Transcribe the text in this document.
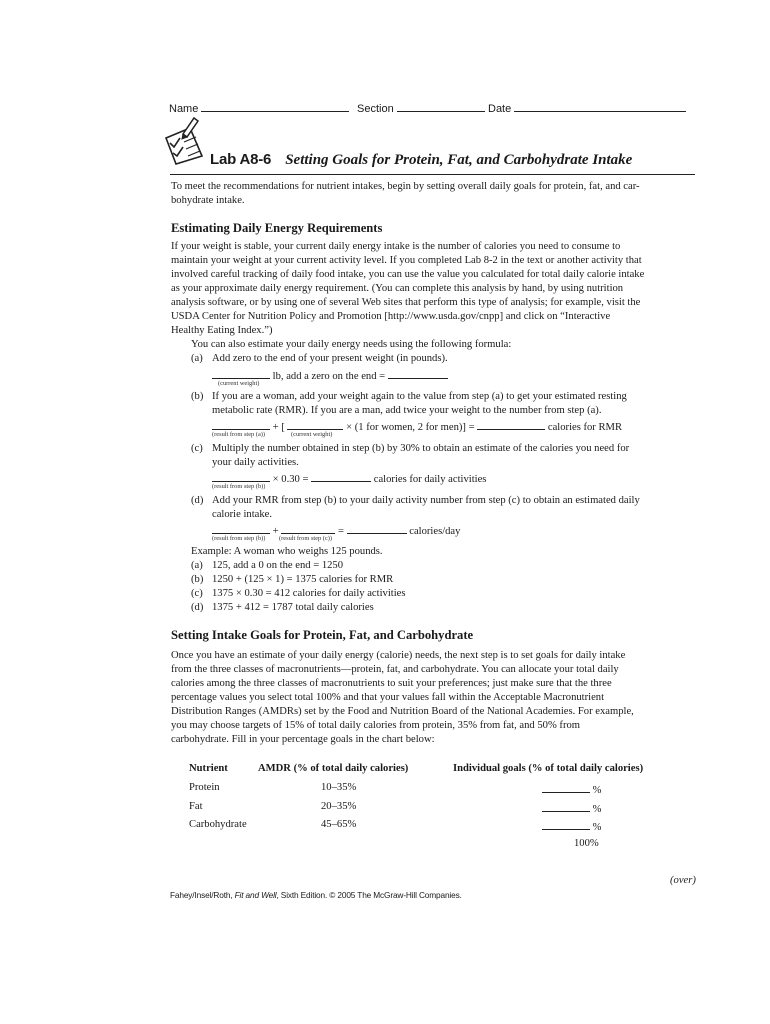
Name	Section	Date
Lab A8-6 Setting Goals for Protein, Fat, and Carbohydrate Intake
To meet the recommendations for nutrient intakes, begin by setting overall daily goals for protein, fat, and car-
bohydrate intake.
Estimating Daily Energy Requirements
If your weight is stable, your current daily energy intake is the number of calories you need to consume to
maintain your weight at your current activity level. If you completed Lab 8-2 in the text or another activity that
involved careful tracking of daily food intake, you can use the value you calculated for total daily calorie intake
as your approximate daily energy requirement. (You can complete this analysis by hand, by using nutrition
analysis software, or by using one of several Web sites that perform this type of analysis; for example, visit the
USDA Center for Nutrition Policy and Promotion [http://www.usda.gov/cnpp] and click on “Interactive
Healthy Eating Index.”)
You can also estimate your daily energy needs using the following formula:
(a) Add zero to the end of your present weight (in pounds).
lb, add a zero on the end =
(current weight)
(b) If you are a woman, add your weight again to the value from step (a) to get your estimated resting
metabolic rate (RMR). If you are a man, add twice your weight to the number from step (a).
+ [	× (1 for women, 2 for men)] =	calories for RMR
(result from step (a))	(current weight)
(c) Multiply the number obtained in step (b) by 30% to obtain an estimate of the calories you need for
your daily activities.
× 0.30 =	calories for daily activities
(result from step (b))
(d) Add your RMR from step (b) to your daily activity number from step (c) to obtain an estimated daily
calorie intake.
+	=	calories/day
(result from step (b)) (result from step (c))
Example: A woman who weighs 125 pounds.
(a) 125, add a 0 on the end = 1250
(b) 1250 + (125 × 1) = 1375 calories for RMR
(c) 1375 × 0.30 = 412 calories for daily activities
(d) 1375 + 412 = 1787 total daily calories
Setting Intake Goals for Protein, Fat, and Carbohydrate
Once you have an estimate of your daily energy (calorie) needs, the next step is to set goals for daily intake
from the three classes of macronutrients—protein, fat, and carbohydrate. You can allocate your total daily
calories among the three classes of macronutrients to suit your preferences; just make sure that the three
percentage values you select total 100% and that your values fall within the Acceptable Macronutrient
Distribution Ranges (AMDRs) set by the Food and Nutrition Board of the National Academies. For example,
you may choose targets of 15% of total daily calories from protein, 35% from fat, and 50% from
carbohydrate. Fill in your percentage goals in the chart below:
Nutrient	AMDR (% of total daily calories)	Individual goals (% of total daily calories)
Protein	10–35%	%
Fat	20–35%	%
Carbohydrate	45–65%	%
100%
(over)
Fahey/Insel/Roth, Fit and Well, Sixth Edition. © 2005 The McGraw-Hill Companies.
